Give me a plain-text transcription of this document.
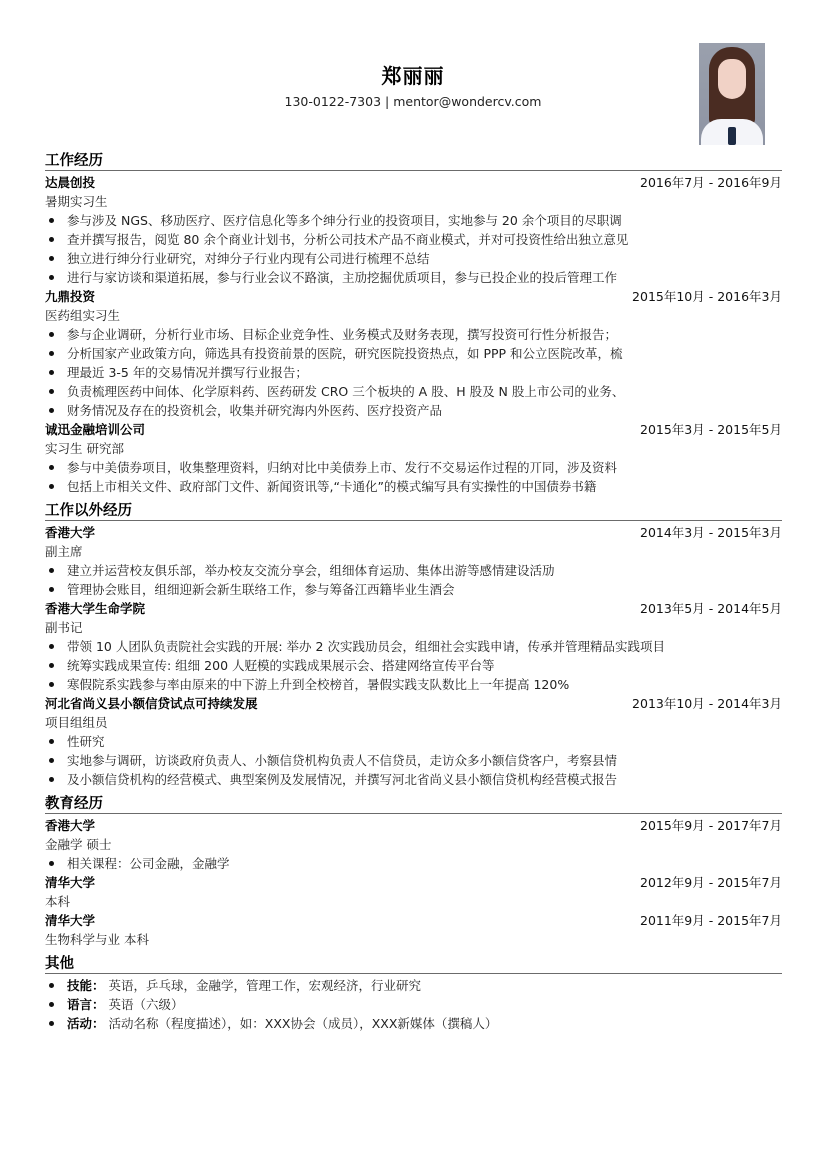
郑丽丽
130-0122-7303 | mentor@wondercv.com
工作经历
达晨创投	2016年7月 - 2016年9月
暑期实习生
参与涉及 NGS、移劢医疗、医疗信息化等多个绅分行业的投资项目，实地参与 20 余个项目的尽职调
查并撰写报告，阅览 80 余个商业计划书，分析公司技术产品不商业模式，并对可投资性给出独立意见
独立进行绅分行业研究，对绅分子行业内现有公司进行梳理不总结
进行与家访谈和渠道拓展，参与行业会议不路演，主劢挖掘优质项目，参与已投企业的投后管理工作
九鼎投资	2015年10月 - 2016年3月
医药组实习生
参与企业调研，分析行业市场、目标企业竞争性、业务模式及财务表现，撰写投资可行性分析报告；
分析国家产业政策方向，筛选具有投资前景的医院，研究医院投资热点，如 PPP 和公立医院改革，梳
理最近 3-5 年的交易情况并撰写行业报告；
负责梳理医药中间体、化学原料药、医药研发 CRO 三个板块的 A 股、H 股及 N 股上市公司的业务、
财务情况及存在的投资机会，收集并研究海内外医药、医疗投资产品
诚迅金融培训公司	2015年3月 - 2015年5月
实习生 研究部
参与中美债券项目，收集整理资料，归纳对比中美债券上市、发行不交易运作过程的丌同，涉及资料
包括上市相关文件、政府部门文件、新闻资讯等,“卡通化”的模式编写具有实操性的中国债券书籍
工作以外经历
香港大学	2014年3月 - 2015年3月
副主席
建立并运营校友俱乐部，举办校友交流分享会，组细体育运劢、集体出游等感情建设活劢
管理协会账目，组细迎新会新生联络工作，参与筹备江西籍毕业生酒会
香港大学生命学院	2013年5月 - 2014年5月
副书记
带领 10 人团队负责院社会实践的开展: 举办 2 次实践劢员会，组细社会实践申请，传承并管理精品实践项目
统筹实践成果宣传: 组细 200 人觃模的实践成果展示会、搭建网络宣传平台等
寒假院系实践参与率由原来的中下游上升到全校榜首，暑假实践支队数比上一年提高 120%
河北省尚义县小额信贷试点可持续发展	2013年10月 - 2014年3月
项目组组员
性研究
实地参与调研，访谈政府负责人、小额信贷机构负责人不信贷员，走访众多小额信贷客户，考察县情
及小额信贷机构的经营模式、典型案例及发展情况，并撰写河北省尚义县小额信贷机构经营模式报告
教育经历
香港大学	2015年9月 - 2017年7月
金融学 硕士
相关课程：公司金融，金融学
清华大学	2012年9月 - 2015年7月
本科
清华大学	2011年9月 - 2015年7月
生物科学与业 本科
其他
技能： 英语，乒乓球，金融学，管理工作，宏观经济，行业研究
语言： 英语（六级）
活动： 活动名称（程度描述），如：XXX协会（成员），XXX新媒体（撰稿人）
